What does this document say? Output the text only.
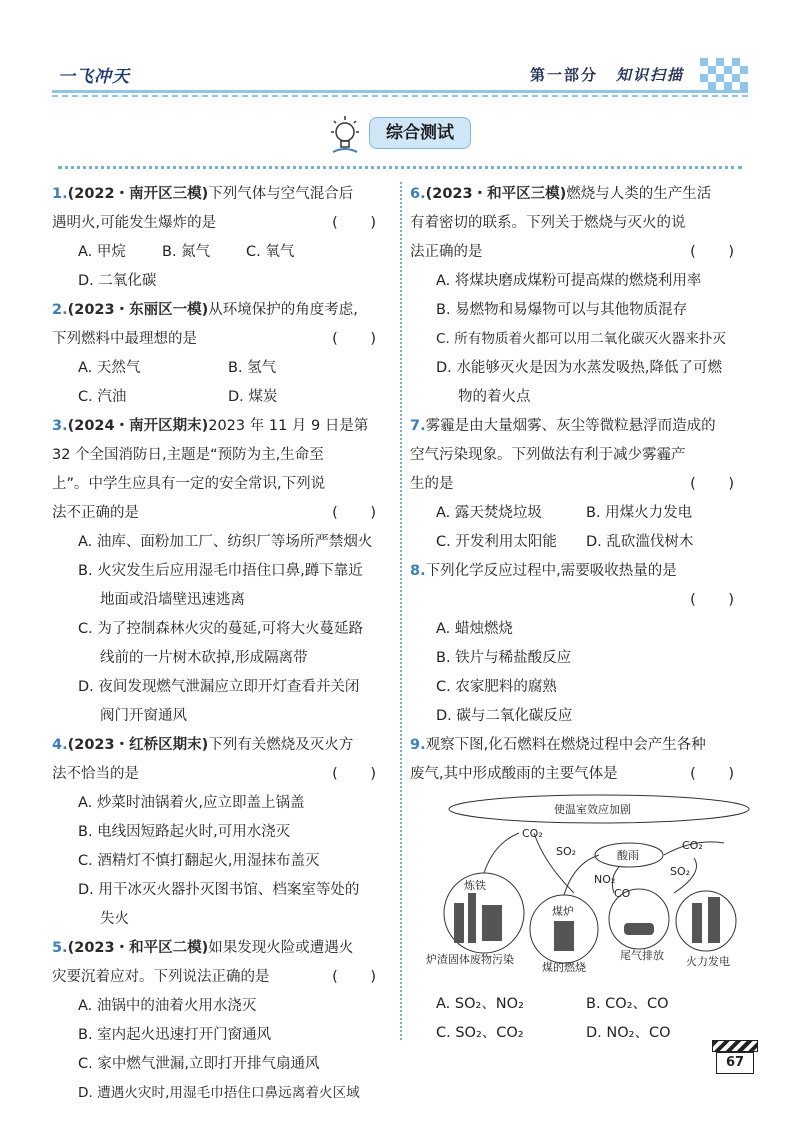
一飞冲天	第一部分 知识扫描
综合测试
1.(2022・南开区三模)下列气体与空气混合后
遇明火,可能发生爆炸的是	( )
A. 甲烷 B. 氮气 C. 氧气D. 二氧化碳
2.(2023・东丽区一模)从环境保护的角度考虑,
下列燃料中最理想的是	( )
A. 天然气	B. 氢气
C. 汽油	D. 煤炭
3.(2024・南开区期末)2023 年 11 月 9 日是第
32 个全国消防日,主题是“预防为主,生命至
上”。中学生应具有一定的安全常识,下列说
法不正确的是	( )
A. 油库、面粉加工厂、纺织厂等场所严禁烟火
B. 火灾发生后应用湿毛巾捂住口鼻,蹲下靠近
地面或沿墙壁迅速逃离
C. 为了控制森林火灾的蔓延,可将大火蔓延路
线前的一片树木砍掉,形成隔离带
D. 夜间发现燃气泄漏应立即开灯查看并关闭
阀门开窗通风
4.(2023・红桥区期末)下列有关燃烧及灭火方
法不恰当的是	( )
A. 炒菜时油锅着火,应立即盖上锅盖
B. 电线因短路起火时,可用水浇灭
C. 酒精灯不慎打翻起火,用湿抹布盖灭
D. 用干冰灭火器扑灭图书馆、档案室等处的
失火
5.(2023・和平区二模)如果发现火险或遭遇火
灾要沉着应对。下列说法正确的是	( )
A. 油锅中的油着火用水浇灭
B. 室内起火迅速打开门窗通风
C. 家中燃气泄漏,立即打开排气扇通风
D. 遭遇火灾时,用湿毛巾捂住口鼻远离着火区域
6.(2023・和平区三模)燃烧与人类的生产生活
有着密切的联系。下列关于燃烧与灭火的说
法正确的是	( )
A. 将煤块磨成煤粉可提高煤的燃烧利用率
B. 易燃物和易爆物可以与其他物质混存
C. 所有物质着火都可以用二氧化碳灭火器来扑灭
D. 水能够灭火是因为水蒸发吸热,降低了可燃
物的着火点
7.雾霾是由大量烟雾、灰尘等微粒悬浮而造成的
空气污染现象。下列做法有利于减少雾霾产
生的是	( )
A. 露天焚烧垃圾	B. 用煤火力发电
C. 开发利用太阳能 D. 乱砍滥伐树木
8.下列化学反应过程中,需要吸收热量的是
( )
A. 蜡烛燃烧
B. 铁片与稀盐酸反应
C. 农家肥料的腐熟
D. 碳与二氧化碳反应
9.观察下图,化石燃料在燃烧过程中会产生各种
废气,其中形成酸雨的主要气体是	( )
使温室效应加剧
酸雨
CO₂
SO₂	CO₂
SO₂
NO₂
CO
炼铁
煤炉
炉渣固体废物污染
煤的燃烧
尾气排放 火力发电
A. SO₂、NO₂	B. CO₂、CO
C. SO₂、CO₂	D. NO₂、CO
67
